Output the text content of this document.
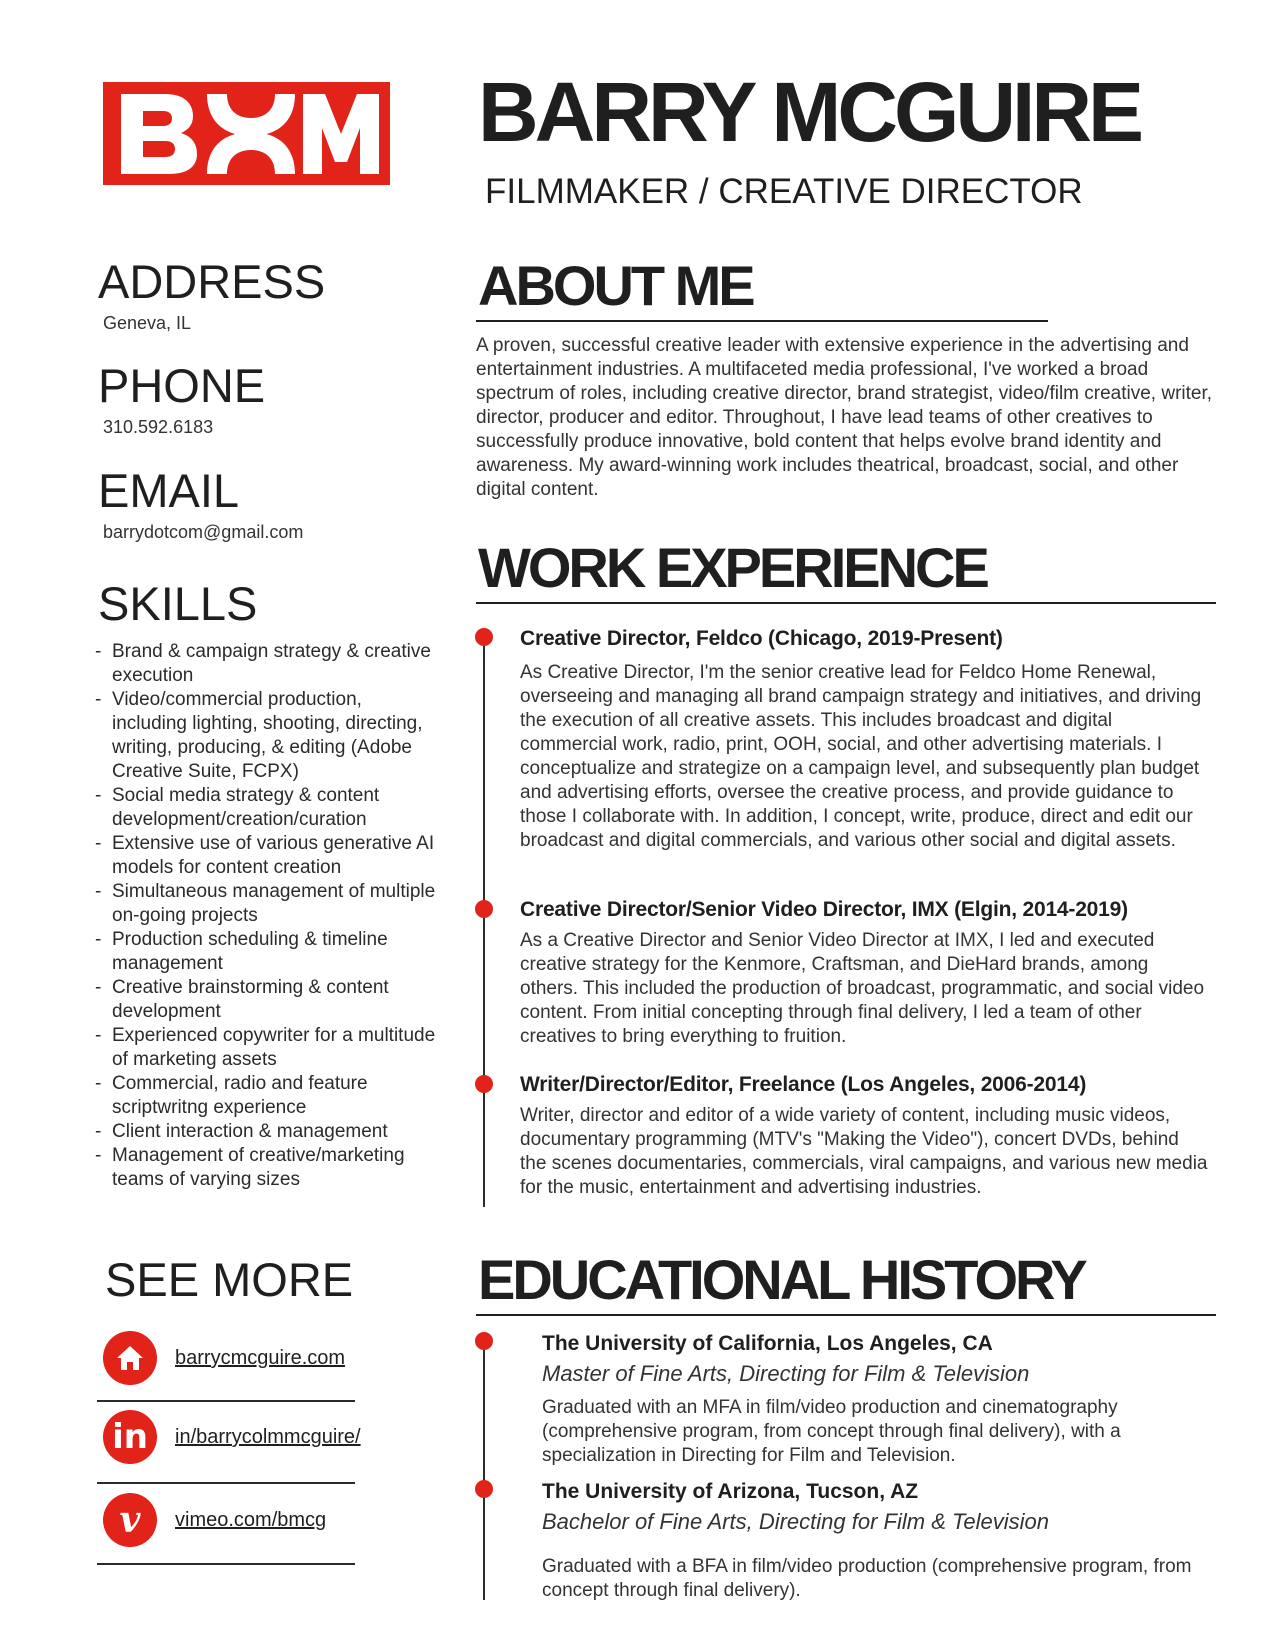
BARRY MCGUIRE
FILMMAKER / CREATIVE DIRECTOR
ADDRESS
Geneva, IL
PHONE
310.592.6183
EMAIL
barrydotcom@gmail.com
SKILLS
- Brand & campaign strategy & creative execution
- Video/commercial production, including lighting, shooting, directing, writing, producing, & editing (Adobe Creative Suite, FCPX)
- Social media strategy & content development/creation/curation
- Extensive use of various generative AI models for content creation
- Simultaneous management of multiple on-going projects
- Production scheduling & timeline management
- Creative brainstorming & content development
- Experienced copywriter for a multitude of marketing assets
- Commercial, radio and feature scriptwritng experience
- Client interaction & management
- Management of creative/marketing teams of varying sizes
SEE MORE
barrycmcguire.com
in	in/barrycolmmcguire/
v	vimeo.com/bmcg
ABOUT ME
A proven, successful creative leader with extensive experience in the advertising and entertainment industries. A multifaceted media professional, I've worked a broad spectrum of roles, including creative director, brand strategist, video/film creative, writer, director, producer and editor. Throughout, I have lead teams of other creatives to successfully produce innovative, bold content that helps evolve brand identity and awareness. My award-winning work includes theatrical, broadcast, social, and other digital content.
WORK EXPERIENCE
Creative Director, Feldco (Chicago, 2019-Present)
As Creative Director, I'm the senior creative lead for Feldco Home Renewal, overseeing and managing all brand campaign strategy and initiatives, and driving the execution of all creative assets. This includes broadcast and digital commercial work, radio, print, OOH, social, and other advertising materials. I conceptualize and strategize on a campaign level, and subsequently plan budget and advertising efforts, oversee the creative process, and provide guidance to those I collaborate with. In addition, I concept, write, produce, direct and edit our broadcast and digital commercials, and various other social and digital assets.
Creative Director/Senior Video Director, IMX (Elgin, 2014-2019)
As a Creative Director and Senior Video Director at IMX, I led and executed creative strategy for the Kenmore, Craftsman, and DieHard brands, among others. This included the production of broadcast, programmatic, and social video content. From initial concepting through final delivery, I led a team of other creatives to bring everything to fruition.
Writer/Director/Editor, Freelance (Los Angeles, 2006-2014)
Writer, director and editor of a wide variety of content, including music videos, documentary programming (MTV's "Making the Video"), concert DVDs, behind the scenes documentaries, commercials, viral campaigns, and various new media for the music, entertainment and advertising industries.
EDUCATIONAL HISTORY
The University of California, Los Angeles, CA
Master of Fine Arts, Directing for Film & Television
Graduated with an MFA in film/video production and cinematography (comprehensive program, from concept through final delivery), with a specialization in Directing for Film and Television.
The University of Arizona, Tucson, AZ
Bachelor of Fine Arts, Directing for Film & Television
Graduated with a BFA in film/video production (comprehensive program, from concept through final delivery).
